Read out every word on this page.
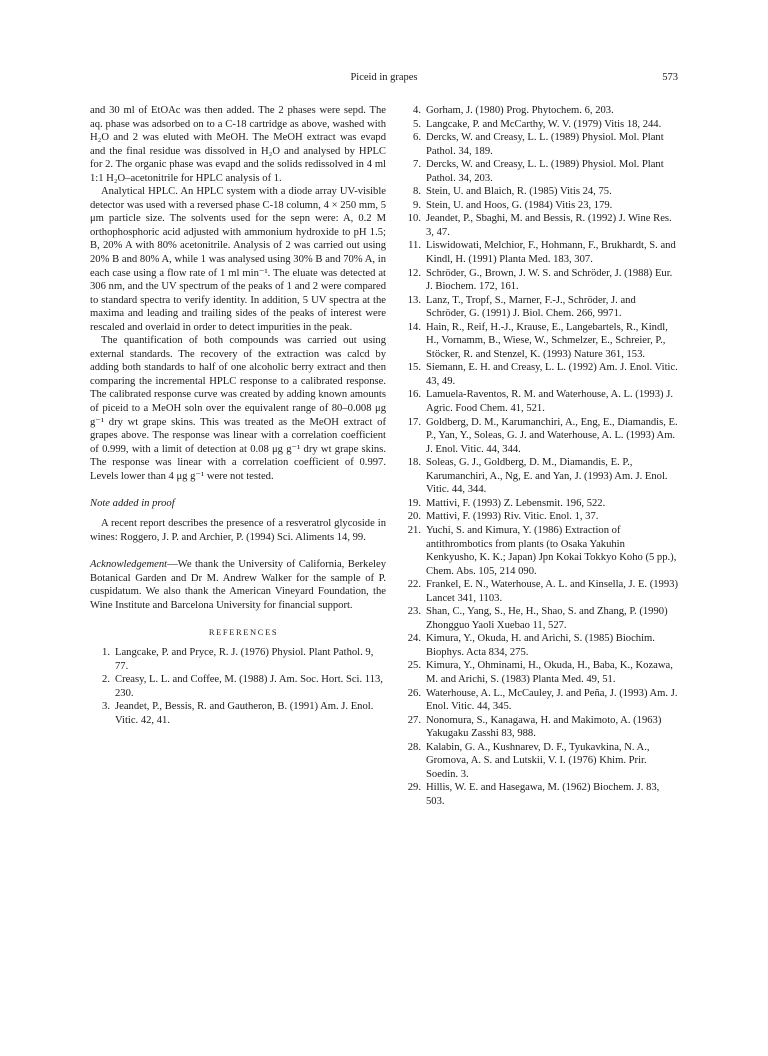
Piceid in grapes	573

and 30 ml of EtOAc was then added. The 2 phases were sepd. The aq. phase was adsorbed on to a C-18 cartridge as above, washed with H₂O and 2 was eluted with MeOH. The MeOH extract was evapd and the final residue was dissolved in H₂O and analysed by HPLC for 2. The organic phase was evapd and the solids redissolved in 4 ml 1:1 H₂O–acetonitrile for HPLC analysis of 1.

Analytical HPLC. An HPLC system with a diode array UV-visible detector was used with a reversed phase C-18 column, 4 × 250 mm, 5 μm particle size. The solvents used for the sepn were: A, 0.2 M orthophosphoric acid adjusted with ammonium hydroxide to pH 1.5; B, 20% A with 80% acetonitrile. Analysis of 2 was carried out using 20% B and 80% A, while 1 was analysed using 30% B and 70% A, in each case using a flow rate of 1 ml min⁻¹. The eluate was detected at 306 nm, and the UV spectrum of the peaks of 1 and 2 were compared to standard spectra to verify identity. In addition, 5 UV spectra at the maxima and leading and trailing sides of the peaks of interest were rescaled and overlaid in order to detect impurities in the peak.

The quantification of both compounds was carried out using external standards. The recovery of the extraction was calcd by adding both standards to half of one alcoholic berry extract and then comparing the incremental HPLC response to a calibrated response. The calibrated response curve was created by adding known amounts of piceid to a MeOH soln over the equivalent range of 80–0.008 μg g⁻¹ dry wt grape skins. This was treated as the MeOH extract of grapes above. The response was linear with a correlation coefficient of 0.999, with a limit of detection at 0.08 μg g⁻¹ dry wt grape skins. The response was linear with a correlation coefficient of 0.997. Levels lower than 4 μg g⁻¹ were not tested.

Note added in proof

A recent report describes the presence of a resveratrol glycoside in wines: Roggero, J. P. and Archier, P. (1994) Sci. Aliments 14, 99.

Acknowledgement—We thank the University of California, Berkeley Botanical Garden and Dr M. Andrew Walker for the sample of P. cuspidatum. We also thank the American Vineyard Foundation, the Wine Institute and Barcelona University for financial support.

REFERENCES

1. Langcake, P. and Pryce, R. J. (1976) Physiol. Plant Pathol. 9, 77.
2. Creasy, L. L. and Coffee, M. (1988) J. Am. Soc. Hort. Sci. 113, 230.
3. Jeandet, P., Bessis, R. and Gautheron, B. (1991) Am. J. Enol. Vitic. 42, 41.
4. Gorham, J. (1980) Prog. Phytochem. 6, 203.
5. Langcake, P. and McCarthy, W. V. (1979) Vitis 18, 244.
6. Dercks, W. and Creasy, L. L. (1989) Physiol. Mol. Plant Pathol. 34, 189.
7. Dercks, W. and Creasy, L. L. (1989) Physiol. Mol. Plant Pathol. 34, 203.
8. Stein, U. and Blaich, R. (1985) Vitis 24, 75.
9. Stein, U. and Hoos, G. (1984) Vitis 23, 179.
10. Jeandet, P., Sbaghi, M. and Bessis, R. (1992) J. Wine Res. 3, 47.
11. Liswidowati, Melchior, F., Hohmann, F., Brukhardt, S. and Kindl, H. (1991) Planta Med. 183, 307.
12. Schröder, G., Brown, J. W. S. and Schröder, J. (1988) Eur. J. Biochem. 172, 161.
13. Lanz, T., Tropf, S., Marner, F.-J., Schröder, J. and Schröder, G. (1991) J. Biol. Chem. 266, 9971.
14. Hain, R., Reif, H.-J., Krause, E., Langebartels, R., Kindl, H., Vornamm, B., Wiese, W., Schmelzer, E., Schreier, P., Stöcker, R. and Stenzel, K. (1993) Nature 361, 153.
15. Siemann, E. H. and Creasy, L. L. (1992) Am. J. Enol. Vitic. 43, 49.
16. Lamuela-Raventos, R. M. and Waterhouse, A. L. (1993) J. Agric. Food Chem. 41, 521.
17. Goldberg, D. M., Karumanchiri, A., Eng, E., Diamandis, E. P., Yan, Y., Soleas, G. J. and Waterhouse, A. L. (1993) Am. J. Enol. Vitic. 44, 344.
18. Soleas, G. J., Goldberg, D. M., Diamandis, E. P., Karumanchiri, A., Ng, E. and Yan, J. (1993) Am. J. Enol. Vitic. 44, 344.
19. Mattivi, F. (1993) Z. Lebensmit. 196, 522.
20. Mattivi, F. (1993) Riv. Vitic. Enol. 1, 37.
21. Yuchi, S. and Kimura, Y. (1986) Extraction of antithrombotics from plants (to Osaka Yakuhin Kenkyusho, K. K.; Japan) Jpn Kokai Tokkyo Koho (5 pp.), Chem. Abs. 105, 214 090.
22. Frankel, E. N., Waterhouse, A. L. and Kinsella, J. E. (1993) Lancet 341, 1103.
23. Shan, C., Yang, S., He, H., Shao, S. and Zhang, P. (1990) Zhongguo Yaoli Xuebao 11, 527.
24. Kimura, Y., Okuda, H. and Arichi, S. (1985) Biochim. Biophys. Acta 834, 275.
25. Kimura, Y., Ohminami, H., Okuda, H., Baba, K., Kozawa, M. and Arichi, S. (1983) Planta Med. 49, 51.
26. Waterhouse, A. L., McCauley, J. and Peña, J. (1993) Am. J. Enol. Vitic. 44, 345.
27. Nonomura, S., Kanagawa, H. and Makimoto, A. (1963) Yakugaku Zasshi 83, 988.
28. Kalabin, G. A., Kushnarev, D. F., Tyukavkina, N. A., Gromova, A. S. and Lutskii, V. I. (1976) Khim. Prir. Soedin. 3.
29. Hillis, W. E. and Hasegawa, M. (1962) Biochem. J. 83, 503.
